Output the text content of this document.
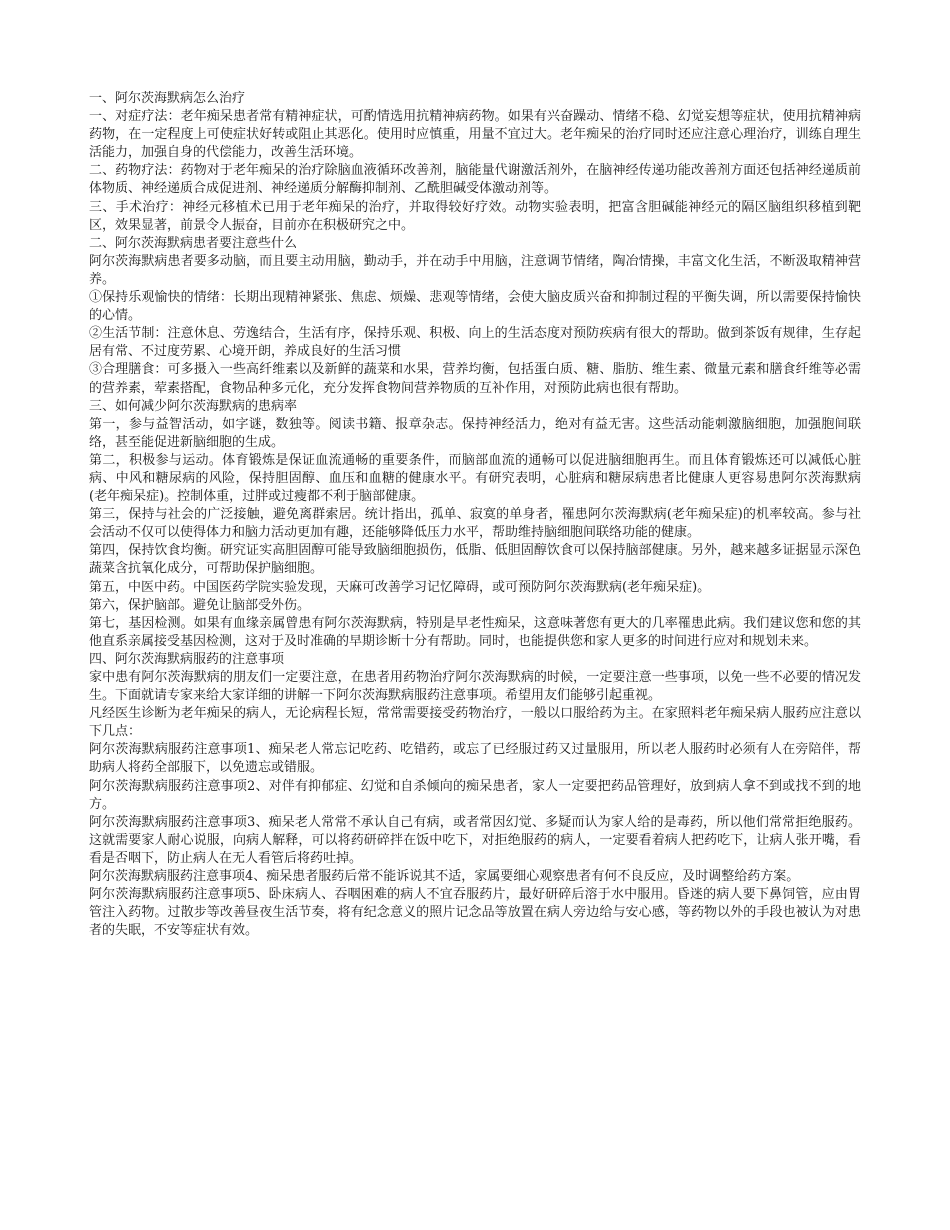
一、阿尔茨海默病怎么治疗

一、对症疗法：老年痴呆患者常有精神症状，可酌情选用抗精神病药物。如果有兴奋躁动、情绪不稳、幻觉妄想等症状，使用抗精神病药物，在一定程度上可使症状好转或阻止其恶化。使用时应慎重，用量不宜过大。老年痴呆的治疗同时还应注意心理治疗，训练自理生活能力，加强自身的代偿能力，改善生活环境。

二、药物疗法：药物对于老年痴呆的治疗除脑血液循环改善剂，脑能量代谢激活剂外，在脑神经传递功能改善剂方面还包括神经递质前体物质、神经递质合成促进剂、神经递质分解酶抑制剂、乙酰胆碱受体激动剂等。

三、手术治疗：神经元移植术已用于老年痴呆的治疗，并取得较好疗效。动物实验表明，把富含胆碱能神经元的隔区脑组织移植到靶区，效果显著，前景令人振奋，目前亦在积极研究之中。

二、阿尔茨海默病患者要注意些什么

阿尔茨海默病患者要多动脑，而且要主动用脑，勤动手，并在动手中用脑，注意调节情绪，陶冶情操，丰富文化生活，不断汲取精神营养。

①保持乐观愉快的情绪：长期出现精神紧张、焦虑、烦燥、悲观等情绪，会使大脑皮质兴奋和抑制过程的平衡失调，所以需要保持愉快的心情。

②生活节制：注意休息、劳逸结合，生活有序，保持乐观、积极、向上的生活态度对预防疾病有很大的帮助。做到茶饭有规律，生存起居有常、不过度劳累、心境开朗，养成良好的生活习惯

③合理膳食：可多摄入一些高纤维素以及新鲜的蔬菜和水果，营养均衡，包括蛋白质、糖、脂肪、维生素、微量元素和膳食纤维等必需的营养素，荤素搭配，食物品种多元化，充分发挥食物间营养物质的互补作用，对预防此病也很有帮助。

三、如何减少阿尔茨海默病的患病率

第一，参与益智活动，如字谜，数独等。阅读书籍、报章杂志。保持神经活力，绝对有益无害。这些活动能刺激脑细胞，加强胞间联络，甚至能促进新脑细胞的生成。

第二，积极参与运动。体育锻炼是保证血流通畅的重要条件，而脑部血流的通畅可以促进脑细胞再生。而且体育锻炼还可以减低心脏病、中风和糖尿病的风险，保持胆固醇、血压和血糖的健康水平。有研究表明，心脏病和糖尿病患者比健康人更容易患阿尔茨海默病(老年痴呆症)。控制体重，过胖或过瘦都不利于脑部健康。

第三，保持与社会的广泛接触，避免离群索居。统计指出，孤单、寂寞的单身者，罹患阿尔茨海默病(老年痴呆症)的机率较高。参与社会活动不仅可以使得体力和脑力活动更加有趣，还能够降低压力水平，帮助维持脑细胞间联络功能的健康。

第四，保持饮食均衡。研究证实高胆固醇可能导致脑细胞损伤，低脂、低胆固醇饮食可以保持脑部健康。另外，越来越多证据显示深色蔬菜含抗氧化成分，可帮助保护脑细胞。

第五，中医中药。中国医药学院实验发现，天麻可改善学习记忆障碍，或可预防阿尔茨海默病(老年痴呆症)。

第六，保护脑部。避免让脑部受外伤。

第七，基因检测。如果有血缘亲属曾患有阿尔茨海默病，特别是早老性痴呆，这意味著您有更大的几率罹患此病。我们建议您和您的其他直系亲属接受基因检测，这对于及时准确的早期诊断十分有帮助。同时，也能提供您和家人更多的时间进行应对和规划未来。

四、阿尔茨海默病服药的注意事项

家中患有阿尔茨海默病的朋友们一定要注意，在患者用药物治疗阿尔茨海默病的时候，一定要注意一些事项，以免一些不必要的情况发生。下面就请专家来给大家详细的讲解一下阿尔茨海默病服药注意事项。希望用友们能够引起重视。

凡经医生诊断为老年痴呆的病人，无论病程长短，常常需要接受药物治疗，一般以口服给药为主。在家照料老年痴呆病人服药应注意以下几点：

阿尔茨海默病服药注意事项1、痴呆老人常忘记吃药、吃错药，或忘了已经服过药又过量服用，所以老人服药时必须有人在旁陪伴，帮助病人将药全部服下，以免遗忘或错服。

阿尔茨海默病服药注意事项2、对伴有抑郁症、幻觉和自杀倾向的痴呆患者，家人一定要把药品管理好，放到病人拿不到或找不到的地方。

阿尔茨海默病服药注意事项3、痴呆老人常常不承认自己有病，或者常因幻觉、多疑而认为家人给的是毒药，所以他们常常拒绝服药。这就需要家人耐心说服，向病人解释，可以将药研碎拌在饭中吃下，对拒绝服药的病人，一定要看着病人把药吃下，让病人张开嘴，看看是否咽下，防止病人在无人看管后将药吐掉。

阿尔茨海默病服药注意事项4、痴呆患者服药后常不能诉说其不适，家属要细心观察患者有何不良反应，及时调整给药方案。

阿尔茨海默病服药注意事项5、卧床病人、吞咽困难的病人不宜吞服药片，最好研碎后溶于水中服用。昏迷的病人要下鼻饲管，应由胃管注入药物。过散步等改善昼夜生活节奏，将有纪念意义的照片记念品等放置在病人旁边给与安心感，等药物以外的手段也被认为对患者的失眠，不安等症状有效。
